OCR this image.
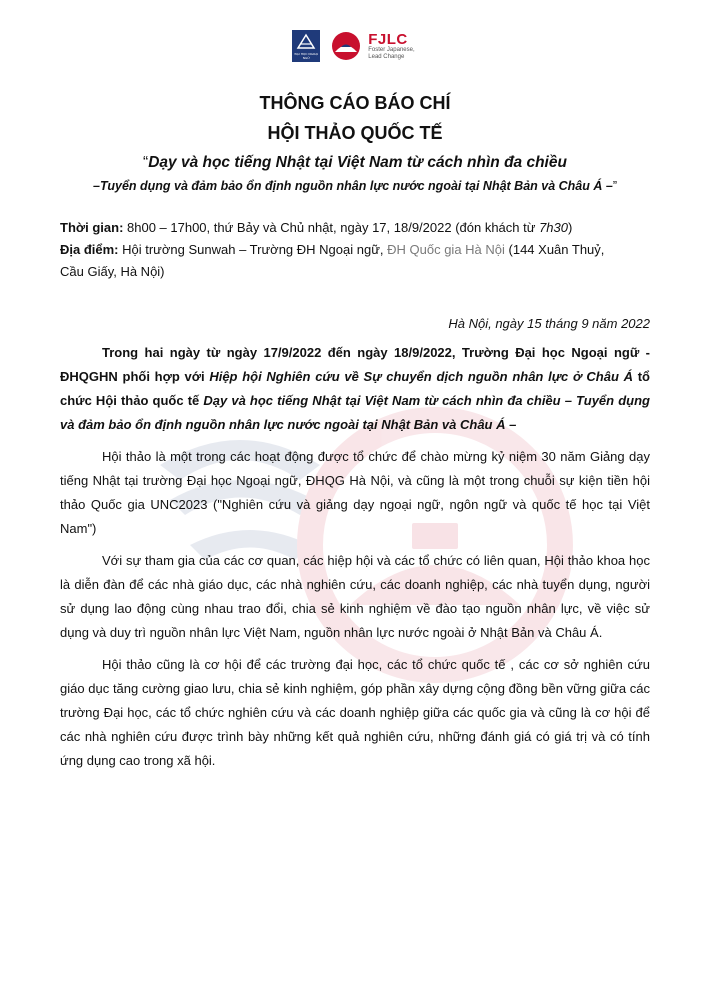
ĐẠI HỌC NGOẠI NGỮ

FJLC
Foster Japanese,
Lead Change
THÔNG CÁO BÁO CHÍ
HỘI THẢO QUỐC TẾ
“Dạy và học tiếng Nhật tại Việt Nam từ cách nhìn đa chiều
–Tuyển dụng và đảm bảo ổn định nguồn nhân lực nước ngoài tại Nhật Bản và Châu Á –”
Thời gian: 8h00 – 17h00, thứ Bảy và Chủ nhật, ngày 17, 18/9/2022 (đón khách từ 7h30)
Địa điểm: Hội trường Sunwah – Trường ĐH Ngoại ngữ, ĐH Quốc gia Hà Nội (144 Xuân Thuỷ,
Cầu Giấy, Hà Nội)
Hà Nội, ngày 15 tháng 9 năm 2022

Trong hai ngày từ ngày 17/9/2022 đến ngày 18/9/2022, Trường Đại học Ngoại ngữ - ĐHQGHN phối hợp với Hiệp hội Nghiên cứu về Sự chuyển dịch nguồn nhân lực ở Châu Á tổ chức Hội thảo quốc tế Dạy và học tiếng Nhật tại Việt Nam từ cách nhìn đa chiều – Tuyển dụng và đảm bảo ổn định nguồn nhân lực nước ngoài tại Nhật Bản và Châu Á –

Hội thảo là một trong các hoạt động được tổ chức để chào mừng kỷ niệm 30 năm Giảng dạy tiếng Nhật tại trường Đại học Ngoại ngữ, ĐHQG Hà Nội, và cũng là một trong chuỗi sự kiện tiền hội thảo Quốc gia UNC2023 ("Nghiên cứu và giảng dạy ngoại ngữ, ngôn ngữ và quốc tế học tại Việt Nam")

Với sự tham gia của các cơ quan, các hiệp hội và các tổ chức có liên quan, Hội thảo khoa học là diễn đàn để các nhà giáo dục, các nhà nghiên cứu, các doanh nghiệp, các nhà tuyển dụng, người sử dụng lao động cùng nhau trao đổi, chia sẻ kinh nghiệm về đào tạo nguồn nhân lực, về việc sử dụng và duy trì nguồn nhân lực Việt Nam, nguồn nhân lực nước ngoài ở Nhật Bản và Châu Á.

Hội thảo cũng là cơ hội để các trường đại học, các tổ chức quốc tế , các cơ sở nghiên cứu giáo dục tăng cường giao lưu, chia sẻ kinh nghiệm, góp phần xây dựng cộng đồng bền vững giữa các trường Đại học, các tổ chức nghiên cứu và các doanh nghiệp giữa các quốc gia và cũng là cơ hội để các nhà nghiên cứu được trình bày những kết quả nghiên cứu, những đánh giá có giá trị và có tính ứng dụng cao trong xã hội.
